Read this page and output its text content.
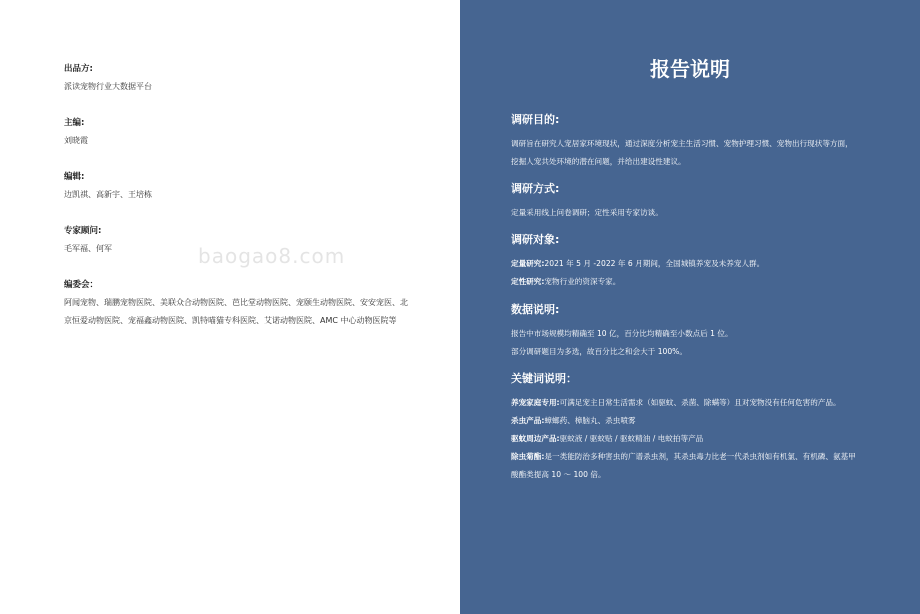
出品方:
派读宠物行业大数据平台
主编:
刘晓霞
编辑:
边凯祺、高新宇、王培栋
专家顾问:
毛军福、何军
编委会：
阿闻宠物、瑞鹏宠物医院、美联众合动物医院、芭比堂动物医院、宠颐生动物医院、安安宠医、北京恒爱动物医院、宠福鑫动物医院、凯特喵猫专科医院、艾诺动物医院、AMC 中心动物医院等
baogao8.com
报告说明
调研目的:
调研旨在研究人宠居家环境现状，通过深度分析宠主生活习惯、宠物护理习惯、宠物出行现状等方面，挖掘人宠共处环境的潜在问题，并给出建设性建议。
调研方式:
定量采用线上问卷调研；定性采用专家访谈。
调研对象:
定量研究:2021 年 5 月 -2022 年 6 月期间，全国城镇养宠及未养宠人群。
定性研究:宠物行业的资深专家。
数据说明:
报告中市场规模均精确至 10 亿，百分比均精确至小数点后 1 位。
部分调研题目为多选，故百分比之和会大于 100%。
关键词说明：
养宠家庭专用:可满足宠主日常生活需求（如驱蚊、杀菌、除螨等）且对宠物没有任何危害的产品。
杀虫产品:蟑螂药、樟脑丸、杀虫喷雾
驱蚊周边产品:驱蚊液 / 驱蚊贴 / 驱蚊精油 / 电蚊拍等产品
除虫菊酯:是一类能防治多种害虫的广谱杀虫剂，其杀虫毒力比老一代杀虫剂如有机氯、有机磷、氨基甲酸酯类提高 10 ～ 100 倍。
